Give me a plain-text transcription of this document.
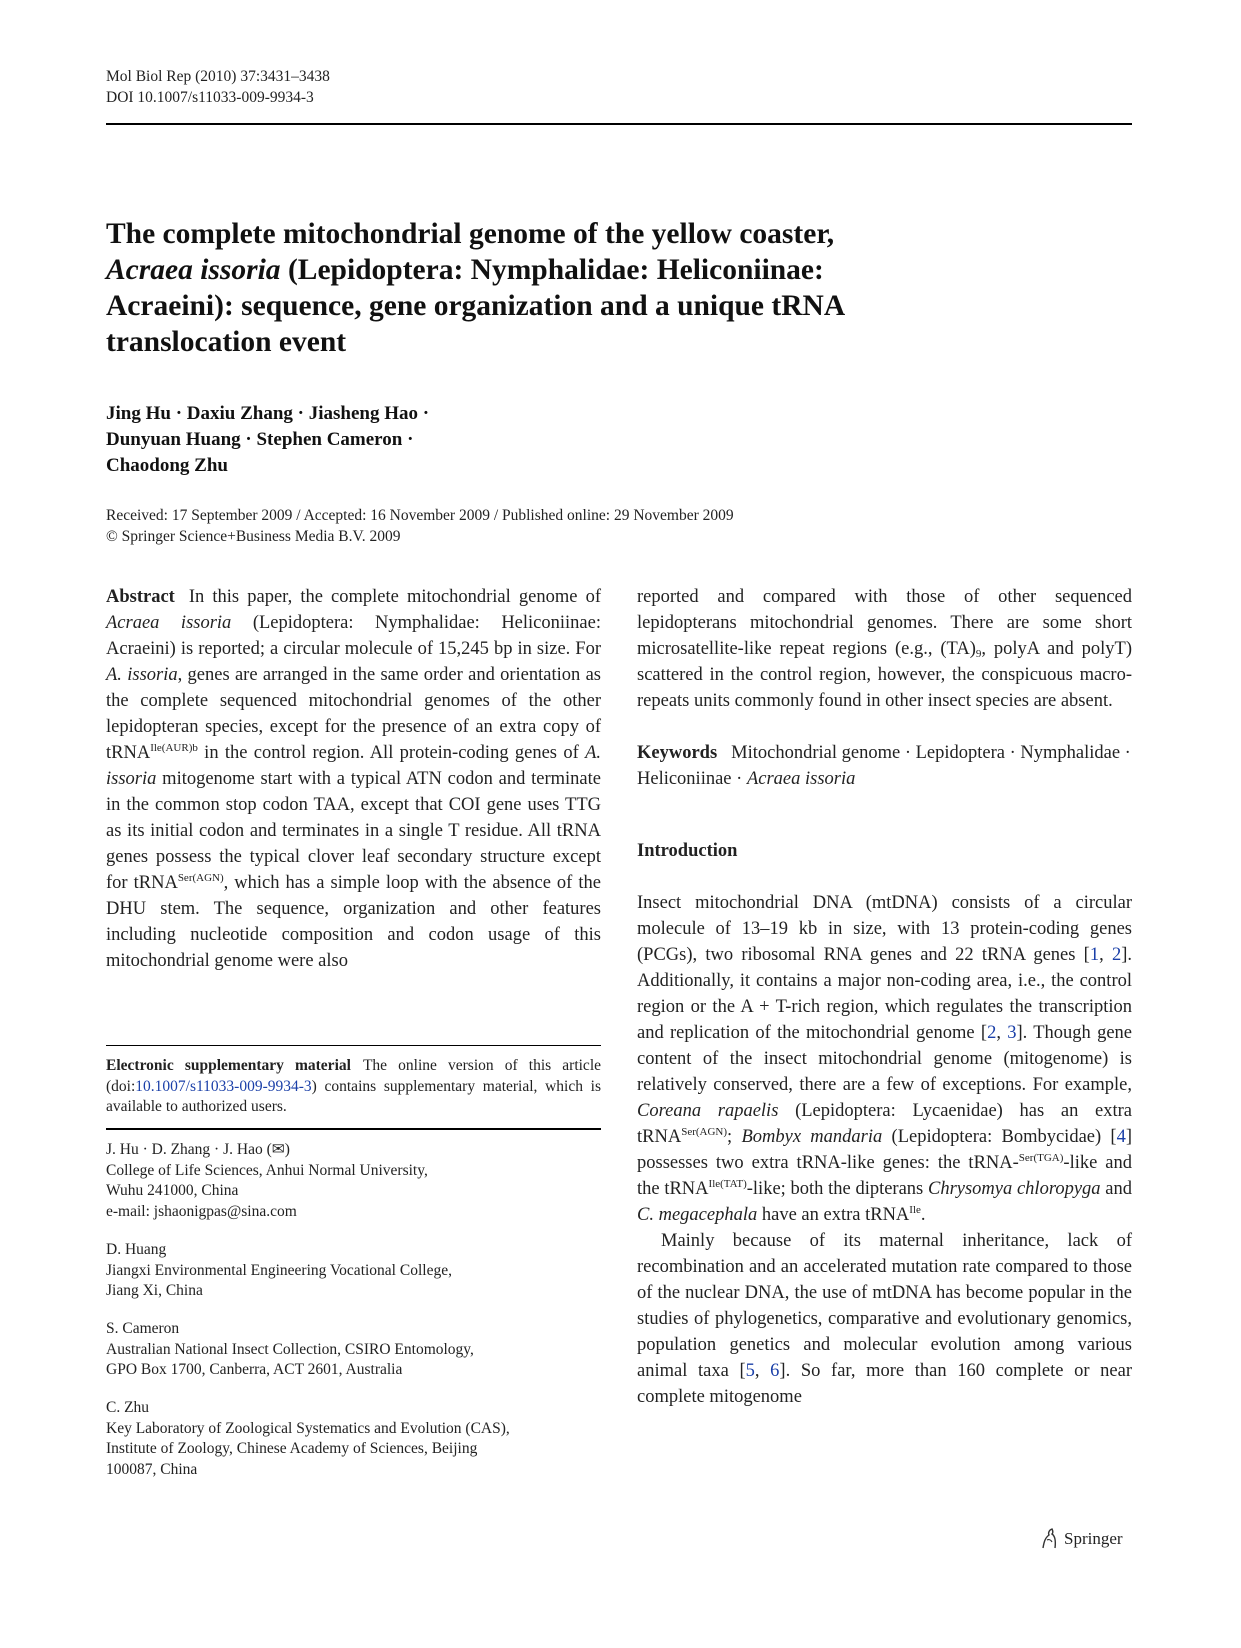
Mol Biol Rep (2010) 37:3431–3438
DOI 10.1007/s11033-009-9934-3
The complete mitochondrial genome of the yellow coaster,
Acraea issoria (Lepidoptera: Nymphalidae: Heliconiinae:
Acraeini): sequence, gene organization and a unique tRNA
translocation event
Jing Hu · Daxiu Zhang · Jiasheng Hao ·
Dunyuan Huang · Stephen Cameron ·
Chaodong Zhu
Received: 17 September 2009 / Accepted: 16 November 2009 / Published online: 29 November 2009
© Springer Science+Business Media B.V. 2009

Abstract In this paper, the complete mitochondrial genome of Acraea issoria (Lepidoptera: Nymphalidae: Heliconiinae: Acraeini) is reported; a circular molecule of 15,245 bp in size. For A. issoria, genes are arranged in the same order and orientation as the complete sequenced mitochondrial genomes of the other lepidopteran species, except for the presence of an extra copy of tRNA$^{Ile(AUR)b}$ in the control region. All protein-coding genes of A. issoria mitogenome start with a typical ATN codon and terminate in the common stop codon TAA, except that COI gene uses TTG as its initial codon and terminates in a single T residue. All tRNA genes possess the typical clover leaf secondary structure except for tRNA$^{Ser(AGN)}$, which has a simple loop with the absence of the DHU stem. The sequence, organization and other features including nucleotide composition and codon usage of this mitochondrial genome were also

Electronic supplementary material The online version of this article (doi:10.1007/s11033-009-9934-3) contains supplementary material, which is available to authorized users.
J. Hu · D. Zhang · J. Hao (✉)
College of Life Sciences, Anhui Normal University,
Wuhu 241000, China
e-mail: jshaonigpas@sina.com
D. Huang
Jiangxi Environmental Engineering Vocational College,
Jiang Xi, China
S. Cameron
Australian National Insect Collection, CSIRO Entomology,
GPO Box 1700, Canberra, ACT 2601, Australia
C. Zhu
Key Laboratory of Zoological Systematics and Evolution (CAS),
Institute of Zoology, Chinese Academy of Sciences, Beijing
100087, China

reported and compared with those of other sequenced lepidopterans mitochondrial genomes. There are some short microsatellite-like repeat regions (e.g., $(TA)_9$, polyA and polyT) scattered in the control region, however, the conspicuous macro-repeats units commonly found in other insect species are absent.

Keywords Mitochondrial genome · Lepidoptera · Nymphalidae · Heliconiinae · Acraea issoria

Introduction

Insect mitochondrial DNA (mtDNA) consists of a circular molecule of 13–19 kb in size, with 13 protein-coding genes (PCGs), two ribosomal RNA genes and 22 tRNA genes [1, 2]. Additionally, it contains a major non-coding area, i.e., the control region or the A + T-rich region, which regulates the transcription and replication of the mitochondrial genome [2, 3]. Though gene content of the insect mitochondrial genome (mitogenome) is relatively conserved, there are a few of exceptions. For example, Coreana rapaelis (Lepidoptera: Lycaenidae) has an extra tRNA$^{Ser(AGN)}$; Bombyx mandaria (Lepidoptera: Bombycidae) [4] possesses two extra tRNA-like genes: the tRNA-$^{Ser(TGA)}$-like and the tRNA$^{Ile(TAT)}$-like; both the dipterans Chrysomya chloropyga and C. megacephala have an extra tRNA$^{Ile}$.

Mainly because of its maternal inheritance, lack of recombination and an accelerated mutation rate compared to those of the nuclear DNA, the use of mtDNA has become popular in the studies of phylogenetics, comparative and evolutionary genomics, population genetics and molecular evolution among various animal taxa [5, 6]. So far, more than 160 complete or near complete mitogenome

Springer
